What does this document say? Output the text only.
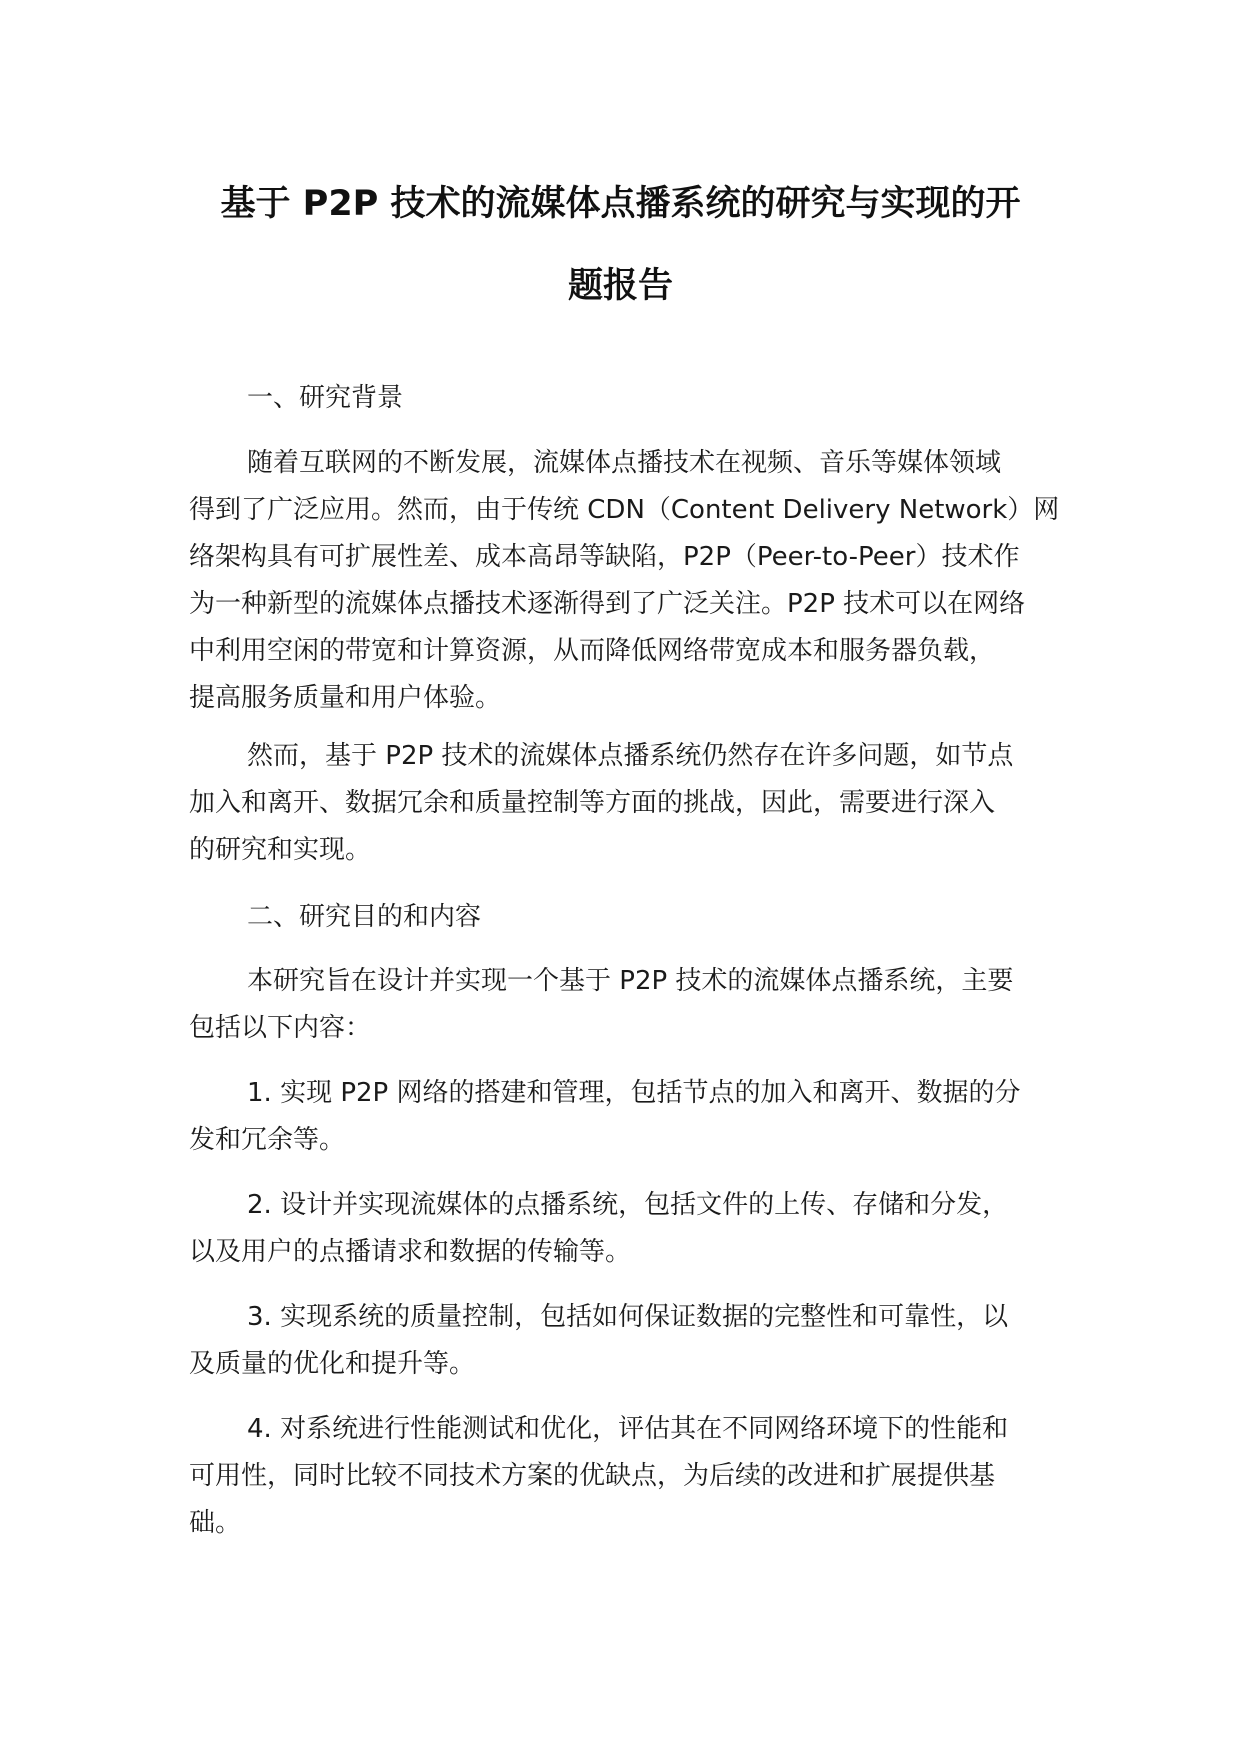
基于 P2P 技术的流媒体点播系统的研究与实现的开
题报告
一、研究背景
随着互联网的不断发展，流媒体点播技术在视频、音乐等媒体领域
得到了广泛应用。然而，由于传统 CDN（Content Delivery Network）网
络架构具有可扩展性差、成本高昂等缺陷，P2P（Peer-to-Peer）技术作
为一种新型的流媒体点播技术逐渐得到了广泛关注。P2P 技术可以在网络
中利用空闲的带宽和计算资源，从而降低网络带宽成本和服务器负载，
提高服务质量和用户体验。
然而，基于 P2P 技术的流媒体点播系统仍然存在许多问题，如节点
加入和离开、数据冗余和质量控制等方面的挑战，因此，需要进行深入
的研究和实现。
二、研究目的和内容
本研究旨在设计并实现一个基于 P2P 技术的流媒体点播系统，主要
包括以下内容：
1. 实现 P2P 网络的搭建和管理，包括节点的加入和离开、数据的分
发和冗余等。
2. 设计并实现流媒体的点播系统，包括文件的上传、存储和分发，
以及用户的点播请求和数据的传输等。
3. 实现系统的质量控制，包括如何保证数据的完整性和可靠性，以
及质量的优化和提升等。
4. 对系统进行性能测试和优化，评估其在不同网络环境下的性能和
可用性，同时比较不同技术方案的优缺点，为后续的改进和扩展提供基
础。
